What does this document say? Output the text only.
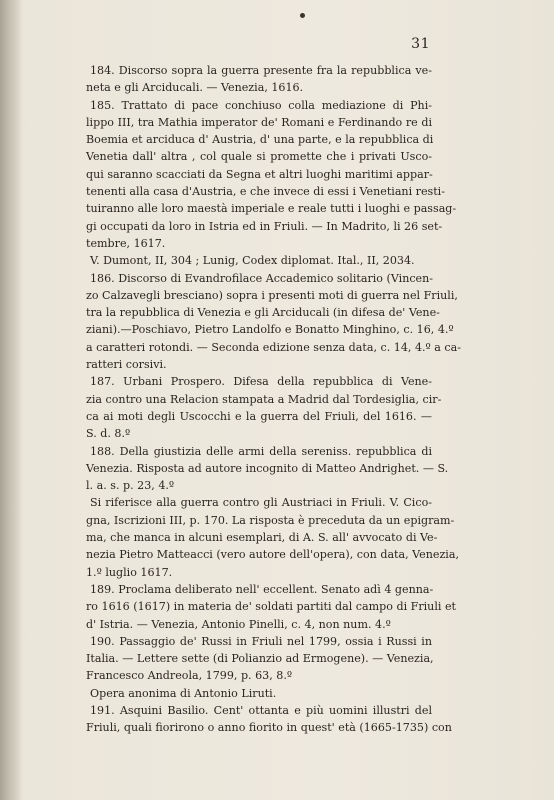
31
184. Discorso sopra la guerra presente fra la repubblica ve-
neta e gli Arciducali. — Venezia, 1616.
185. Trattato di pace conchiuso colla mediazione di Phi-
lippo III, tra Mathia imperator de' Romani e Ferdinando re di
Boemia et arciduca d' Austria, d' una parte, e la repubblica di
Venetia dall' altra , col quale si promette che i privati Usco-
qui saranno scacciati da Segna et altri luoghi maritimi appar-
tenenti alla casa d'Austria, e che invece di essi i Venetiani resti-
tuiranno alle loro maestà imperiale e reale tutti i luoghi e passag-
gi occupati da loro in Istria ed in Friuli. — In Madrito, li 26 set-
tembre, 1617.
V. Dumont, II, 304 ; Lunig, Codex diplomat. Ital., II, 2034.
186. Discorso di Evandrofilace Accademico solitario (Vincen-
zo Calzavegli bresciano) sopra i presenti moti di guerra nel Friuli,
tra la repubblica di Venezia e gli Arciducali (in difesa de' Vene-
ziani).—Poschiavo, Pietro Landolfo e Bonatto Minghino, c. 16, 4.º
a caratteri rotondi. — Seconda edizione senza data, c. 14, 4.º a ca-
ratteri corsivi.
187. Urbani Prospero. Difesa della repubblica di Vene-
zia contro una Relacion stampata a Madrid dal Tordesiglia, cir-
ca ai moti degli Uscocchi e la guerra del Friuli, del 1616. —
S. d. 8.º
188. Della giustizia delle armi della sereniss. repubblica di
Venezia. Risposta ad autore incognito di Matteo Andrighet. — S.
l. a. s. p. 23, 4.º
Si riferisce alla guerra contro gli Austriaci in Friuli. V. Cico-
gna, Iscrizioni III, p. 170. La risposta è preceduta da un epigram-
ma, che manca in alcuni esemplari, di A. S. all' avvocato di Ve-
nezia Pietro Matteacci (vero autore dell'opera), con data, Venezia,
1.º luglio 1617.
189. Proclama deliberato nell' eccellent. Senato adì 4 genna-
ro 1616 (1617) in materia de' soldati partiti dal campo di Friuli et
d' Istria. — Venezia, Antonio Pinelli, c. 4, non num. 4.º
190. Passaggio de' Russi in Friuli nel 1799, ossia i Russi in
Italia. — Lettere sette (di Polianzio ad Ermogene). — Venezia,
Francesco Andreola, 1799, p. 63, 8.º
Opera anonima di Antonio Liruti.
191. Asquini Basilio. Cent' ottanta e più uomini illustri del
Friuli, quali fiorirono o anno fiorito in quest' età (1665-1735) con
